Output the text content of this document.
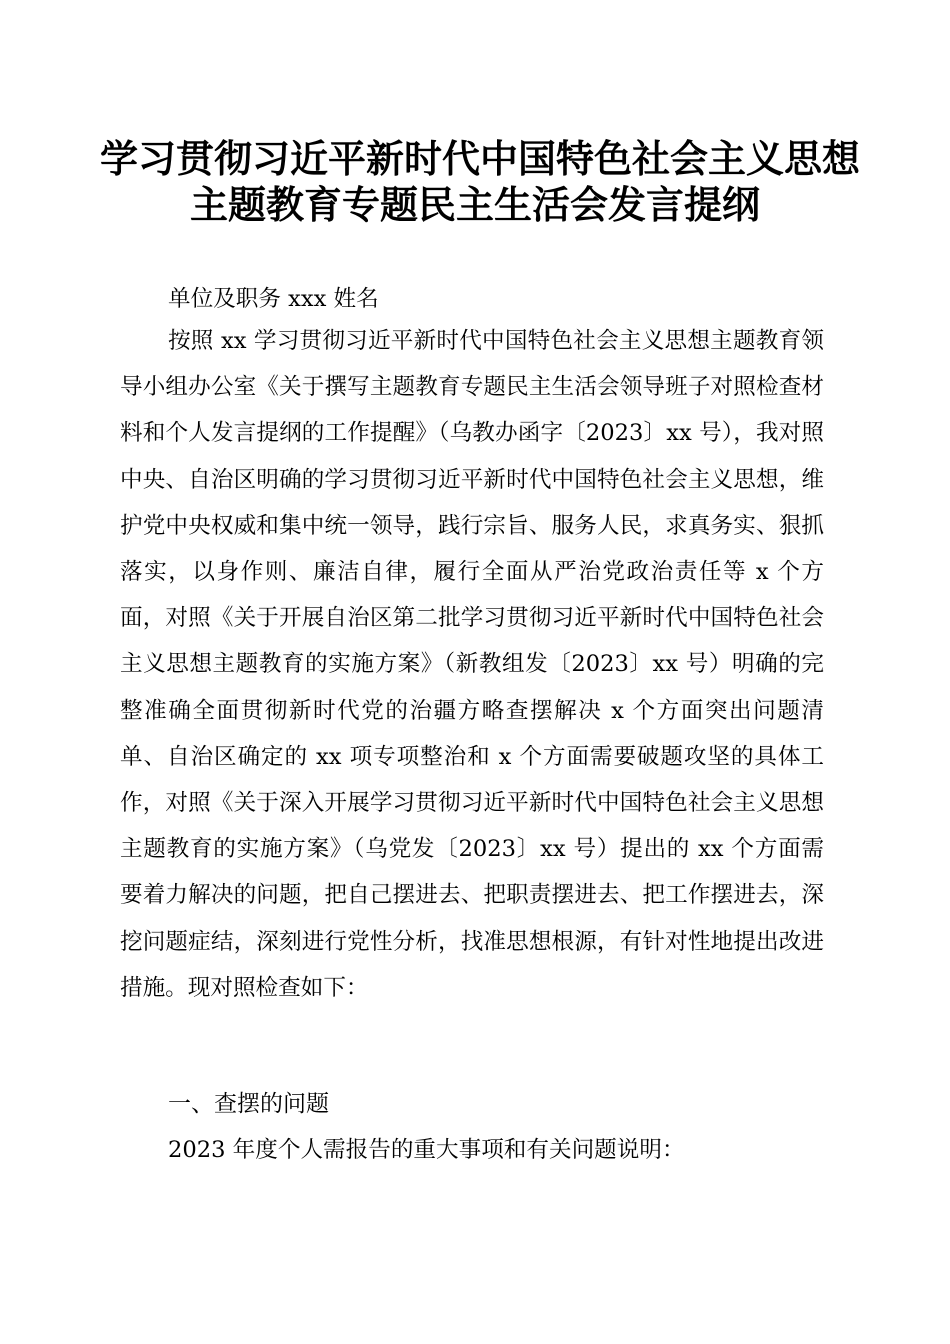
学习贯彻习近平新时代中国特色社会主义思想
主题教育专题民主生活会发言提纲
单位及职务 xxx 姓名

按照 xx 学习贯彻习近平新时代中国特色社会主义思想主题教育领导小组办公室《关于撰写主题教育专题民主生活会领导班子对照检查材料和个人发言提纲的工作提醒》（乌教办函字〔2023〕xx 号），我对照中央、自治区明确的学习贯彻习近平新时代中国特色社会主义思想，维护党中央权威和集中统一领导，践行宗旨、服务人民，求真务实、狠抓落实，以身作则、廉洁自律，履行全面从严治党政治责任等 x 个方面，对照《关于开展自治区第二批学习贯彻习近平新时代中国特色社会主义思想主题教育的实施方案》（新教组发〔2023〕xx 号）明确的完整准确全面贯彻新时代党的治疆方略查摆解决 x 个方面突出问题清单、自治区确定的 xx 项专项整治和 x 个方面需要破题攻坚的具体工作，对照《关于深入开展学习贯彻习近平新时代中国特色社会主义思想主题教育的实施方案》（乌党发〔2023〕xx 号）提出的 xx 个方面需要着力解决的问题，把自己摆进去、把职责摆进去、把工作摆进去，深挖问题症结，深刻进行党性分析，找准思想根源，有针对性地提出改进措施。现对照检查如下：

一、查摆的问题
2023 年度个人需报告的重大事项和有关问题说明：
